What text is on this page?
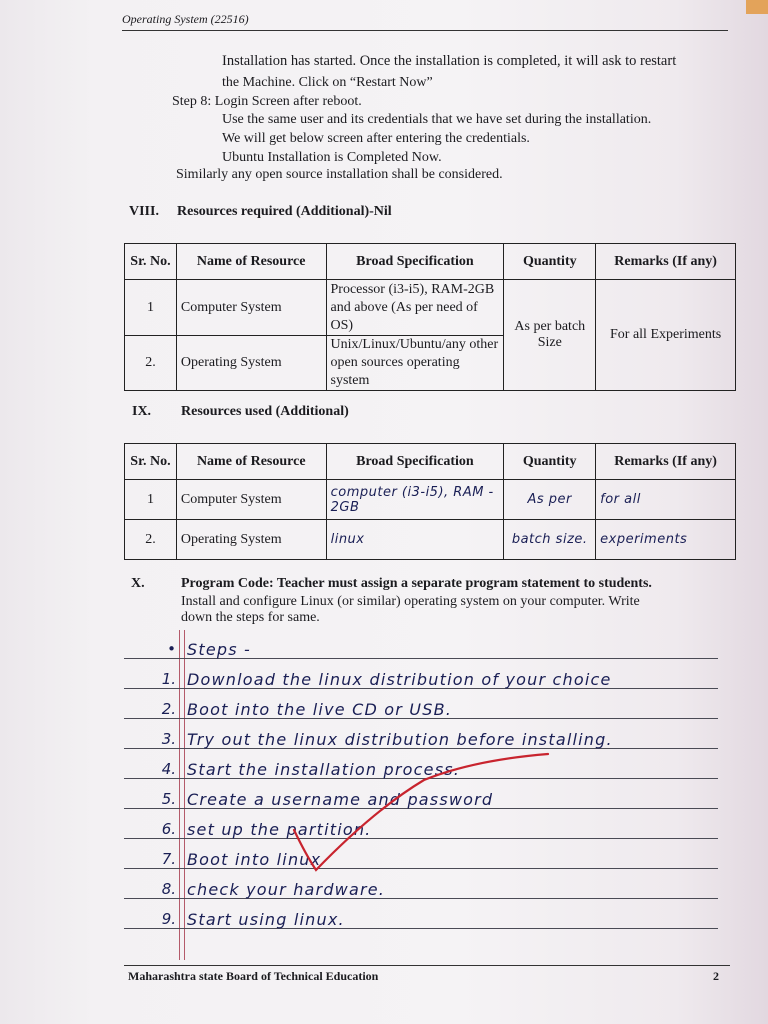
Operating System (22516)
Installation has started. Once the installation is completed, it will ask to restart
the Machine. Click on “Restart Now”
Step 8: Login Screen after reboot.
Use the same user and its credentials that we have set during the installation.
We will get below screen after entering the credentials.
Ubuntu Installation is Completed Now.
Similarly any open source installation shall be considered.
VIII. Resources required (Additional)-Nil
Sr. No.	Name of Resource	Broad Specification	Quantity	Remarks (If any)
1	Computer System	Processor (i3-i5), RAM-2GB and above (As per need of OS)	As per batch Size	For all Experiments
2.	Operating System	Unix/Linux/Ubuntu/any other open sources operating system		
IX. Resources used (Additional)
Sr. No.	Name of Resource	Broad Specification	Quantity	Remarks (If any)
1	Computer System	computer (i3-i5), RAM - 2GB	As per	for all
2.	Operating System	linux	batch size.	experiments
X.	Program Code: Teacher must assign a separate program statement to students.
Install and configure Linux (or similar) operating system on your computer. Write
down the steps for same.
• Steps -
1. Download the linux distribution of your choice
2. Boot into the live CD or USB.
3. Try out the linux distribution before installing.
4. Start the installation process.
5. Create a username and password
6. set up the partition.
7. Boot into linux
8. check your hardware.
9. Start using linux.
Maharashtra state Board of Technical Education	2
